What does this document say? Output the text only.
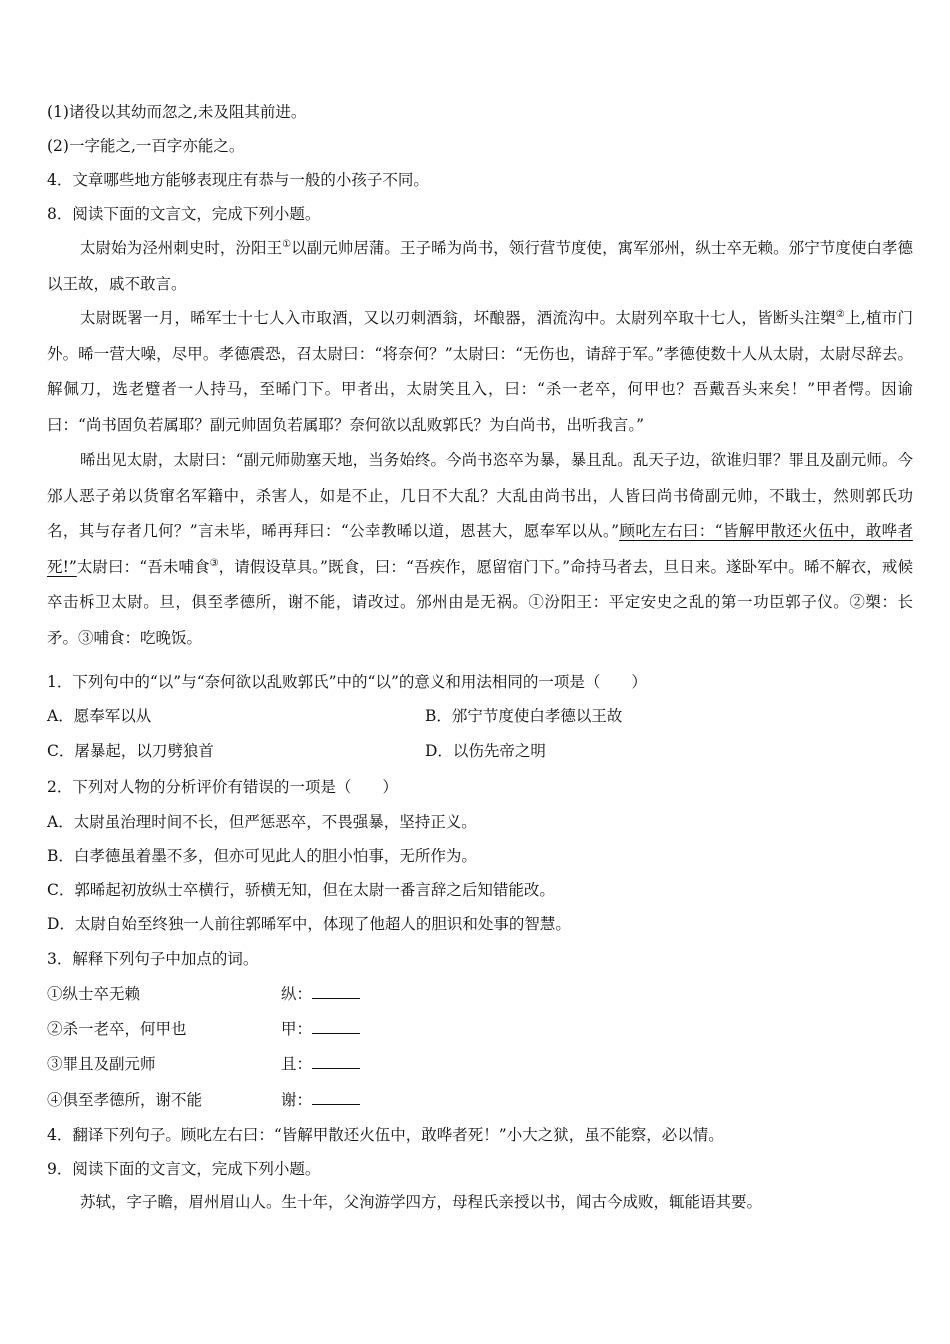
(1)诸役以其幼而忽之,未及阻其前进。
(2)一字能之,一百字亦能之。
4．文章哪些地方能够表现庄有恭与一般的小孩子不同。
8．阅读下面的文言文，完成下列小题。
太尉始为泾州刺史时，汾阳王①以副元帅居蒲。王子晞为尚书，领行营节度使，寓军邠州，纵士卒无赖。邠宁节度使白孝德以王故，戚不敢言。
太尉既署一月，晞军士十七人入市取酒，又以刃刺酒翁，坏酿器，酒流沟中。太尉列卒取十七人，皆断头注槊②上,植市门外。晞一营大噪，尽甲。孝德震恐，召太尉曰：“将奈何？”太尉曰：“无伤也，请辞于军。”孝德使数十人从太尉，太尉尽辞去。解佩刀，选老躄者一人持马，至晞门下。甲者出，太尉笑且入，曰：“杀一老卒，何甲也？吾戴吾头来矣！”甲者愕。因谕曰：“尚书固负若属耶？副元帅固负若属耶？奈何欲以乱败郭氏？为白尚书，出听我言。”
晞出见太尉，太尉曰：“副元师勋塞天地，当务始终。今尚书恣卒为暴，暴且乱。乱天子边，欲谁归罪？罪且及副元师。今邠人恶子弟以货窜名军籍中，杀害人，如是不止，几日不大乱？大乱由尚书出，人皆曰尚书倚副元帅，不戢士，然则郭氏功名，其与存者几何？”言未毕，晞再拜曰：“公幸教晞以道，恩甚大，愿奉军以从。”顾叱左右曰：“皆解甲散还火伍中，敢哗者死!”太尉曰：“吾未哺食③，请假设草具。”既食，曰：“吾疾作，愿留宿门下。”命持马者去，旦日来。遂卧军中。晞不解衣，戒候卒击柝卫太尉。旦，俱至孝德所，谢不能，请改过。邠州由是无祸。①汾阳王：平定安史之乱的第一功臣郭子仪。②槊：长矛。③哺食：吃晚饭。
1．下列句中的“以”与“奈何欲以乱败郭氏”中的“以”的意义和用法相同的一项是（　　）
A．愿奉军以从	B．邠宁节度使白孝德以王故
C．屠暴起，以刀劈狼首	D．以伤先帝之明
2．下列对人物的分析评价有错误的一项是（　　）
A．太尉虽治理时间不长，但严惩恶卒，不畏强暴，坚持正义。
B．白孝德虽着墨不多，但亦可见此人的胆小怕事，无所作为。
C．郭晞起初放纵士卒横行，骄横无知，但在太尉一番言辞之后知错能改。
D．太尉自始至终独一人前往郭晞军中，体现了他超人的胆识和处事的智慧。
3．解释下列句子中加点的词。
①纵士卒无赖	纵：
②杀一老卒，何甲也	甲：
③罪且及副元师	且：
④俱至孝德所，谢不能	谢：
4．翻译下列句子。顾叱左右曰：“皆解甲散还火伍中，敢哗者死！”小大之狱，虽不能察，必以情。
9．阅读下面的文言文，完成下列小题。
苏轼，字子瞻，眉州眉山人。生十年，父洵游学四方，母程氏亲授以书，闻古今成败，辄能语其要。
